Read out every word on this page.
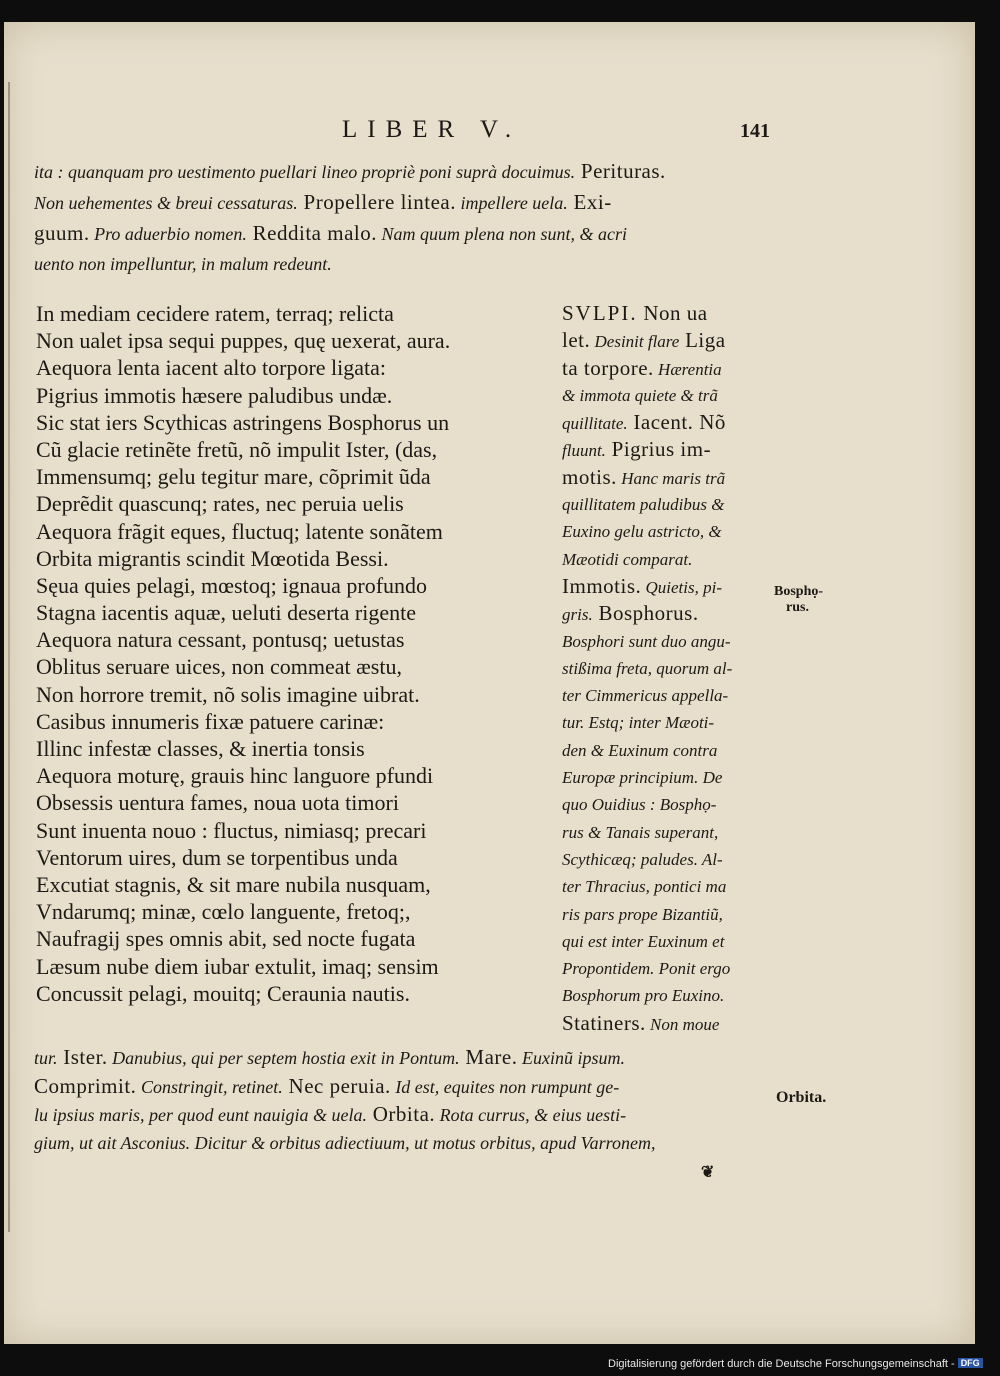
LIBER V.	141

ita : quanquam pro uestimento puellari lineo propriè poni suprà docuimus. Perituras.

Non uehementes & breui cessaturas. Propellere lintea. impellere uela. Exi-

guum. Pro aduerbio nomen. Reddita malo. Nam quum plena non sunt, & acri

uento non impelluntur, in malum redeunt.

In mediam cecidere ratem, terraq; relicta
Non ualet ipsa sequi puppes, quę uexerat, aura.
Aequora lenta iacent alto torpore ligata:
Pigrius immotis hæsere paludibus undæ.
Sic stat iers Scythicas astringens Bosphorus un
Cũ glacie retinẽte fretũ, nõ impulit Ister, (das,
Immensumq; gelu tegitur mare, cõprimit ũda
Deprẽdit quascunq; rates, nec peruia uelis
Aequora frãgit eques, fluctuq; latente sonãtem
Orbita migrantis scindit Mœotida Bessi.
Sęua quies pelagi, mœstoq; ignaua profundo
Stagna iacentis aquæ, ueluti deserta rigente
Aequora natura cessant, pontusq; uetustas
Oblitus seruare uices, non commeat æstu,
Non horrore tremit, nõ solis imagine uibrat.
Casibus innumeris fixæ patuere carinæ:
Illinc infestæ classes, & inertia tonsis
Aequora moturę, grauis hinc languore pfundi
Obsessis uentura fames, noua uota timori
Sunt inuenta nouo : fluctus, nimiasq; precari
Ventorum uires, dum se torpentibus unda
Excutiat stagnis, & sit mare nubila nusquam,
Vndarumq; minæ, cœlo languente, fretoq;,
Naufragij spes omnis abit, sed nocte fugata
Læsum nube diem iubar extulit, imaq; sensim
Concussit pelagi, mouitq; Ceraunia nautis.
SVLPI. Non ua
let. Desinit flare Liga
ta torpore. Hærentia
& immota quiete & trã
quillitate. Iacent. Nõ
fluunt. Pigrius im-
motis. Hanc maris trã
quillitatem paludibus &
Euxino gelu astricto, &
Mæotidi comparat.
Immotis. Quietis, pi-
gris. Bosphorus.
Bosphori sunt duo angu-
stißima freta, quorum al-
ter Cimmericus appella-
tur. Estq; inter Mæoti-
den & Euxinum contra
Europæ principium. De
quo Ouidius : Bosphọ-
rus & Tanais superant,
Scythicæq; paludes. Al-
ter Thracius, pontici ma
ris pars prope Bizantiũ,
qui est inter Euxinum et
Propontidem. Ponit ergo
Bosphorum pro Euxino.
Statiners. Non moue
Bosphọ-
rus.

tur. Ister. Danubius, qui per septem hostia exit in Pontum. Mare. Euxinũ ipsum.

Comprimit. Constringit, retinet. Nec peruia. Id est, equites non rumpunt ge-

lu ipsius maris, per quod eunt nauigia & uela. Orbita. Rota currus, & eius uesti-

gium, ut ait Asconius. Dicitur & orbitus adiectiuum, ut motus orbitus, apud Varronem,

Orbita.
❦
Digitalisierung gefördert durch die Deutsche Forschungsgemeinschaft - DFG
